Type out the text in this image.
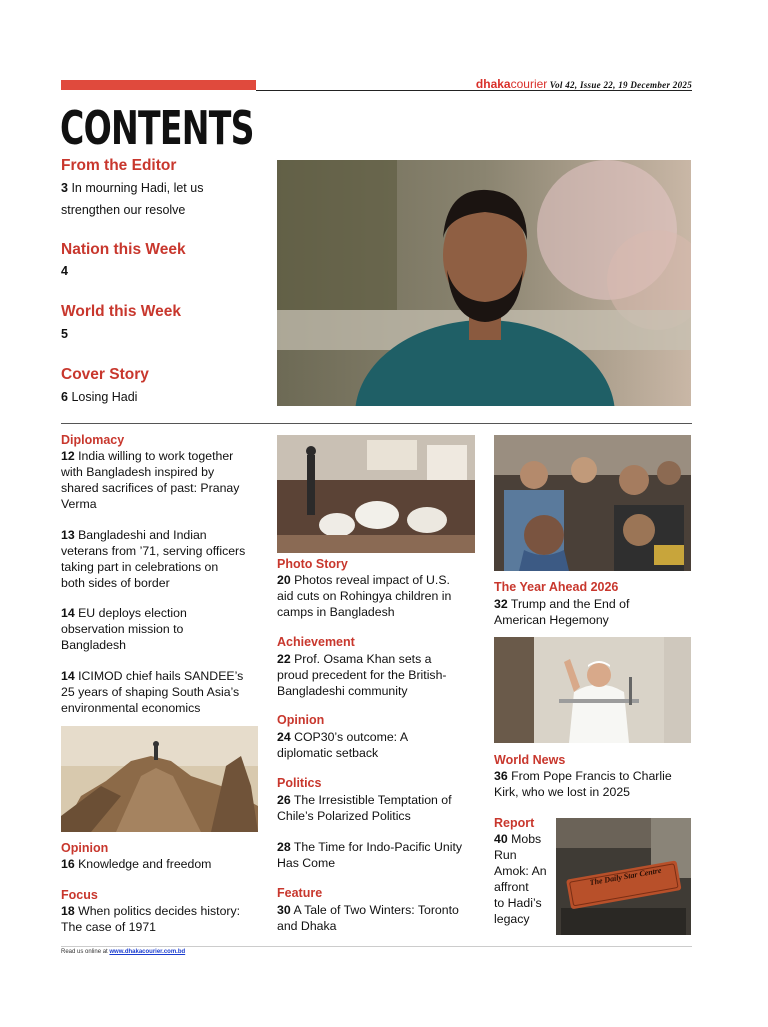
dhakacourier Vol 42, Issue 22, 19 December 2025
CONTENTS
From the Editor
3 In mourning Hadi, let us
strengthen our resolve
Nation this Week
4
World this Week
5
Cover Story
6 Losing Hadi
Diplomacy
12 India willing to work together
with Bangladesh inspired by
shared sacrifices of past: Pranay
Verma
13 Bangladeshi and Indian
veterans from ’71, serving officers
taking part in celebrations on
both sides of border
14 EU deploys election
observation mission to
Bangladesh
14 ICIMOD chief hails SANDEE’s
25 years of shaping South Asia’s
environmental economics
Opinion
16 Knowledge and freedom
Focus
18 When politics decides history:
The case of 1971
Photo Story
20 Photos reveal impact of U.S.
aid cuts on Rohingya children in
camps in Bangladesh
Achievement
22 Prof. Osama Khan sets a
proud precedent for the British-
Bangladeshi community
Opinion
24 COP30’s outcome: A
diplomatic setback
Politics
26 The Irresistible Temptation of
Chile’s Polarized Politics
28 The Time for Indo-Pacific Unity
Has Come
Feature
30 A Tale of Two Winters: Toronto
and Dhaka
The Year Ahead 2026
32 Trump and the End of
American Hegemony
World News
36 From Pope Francis to Charlie
Kirk, who we lost in 2025
Report
40 Mobs
Run
Amok: An
affront
to Hadi’s
legacy
The Daily Star Centre
Read us online at www.dhakacourier.com.bd
